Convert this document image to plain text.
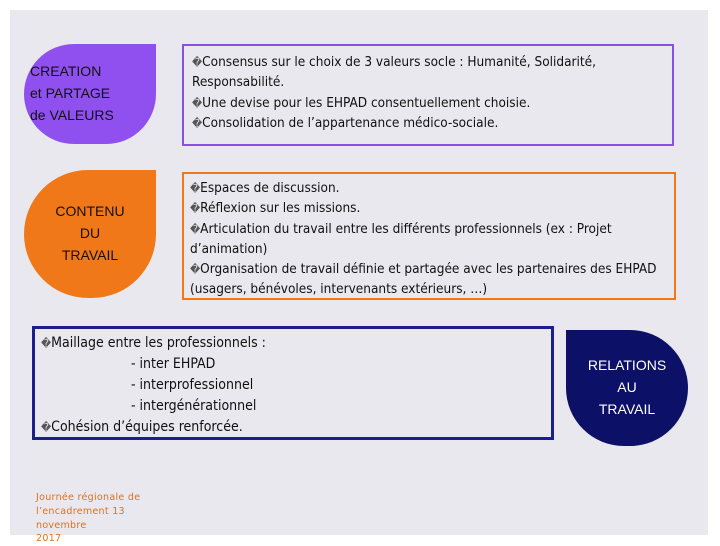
CREATION
et PARTAGE
de VALEURS
�Consensus sur le choix de 3 valeurs socle : Humanité, Solidarité, Responsabilité.
�Une devise pour les EHPAD consentuellement choisie.
�Consolidation de l’appartenance médico-sociale.
CONTENU
DU
TRAVAIL
�Espaces de discussion.
�Réflexion sur les missions.
�Articulation du travail entre les différents professionnels (ex : Projet d’animation)
�Organisation de travail définie et partagée avec les partenaires des EHPAD (usagers, bénévoles, intervenants extérieurs, …)
�Maillage entre les professionnels :
- inter EHPAD
- interprofessionnel
- intergénérationnel
�Cohésion d’équipes renforcée.
RELATIONS
AU
TRAVAIL
Journée régionale de
l’encadrement 13 novembre
2017
